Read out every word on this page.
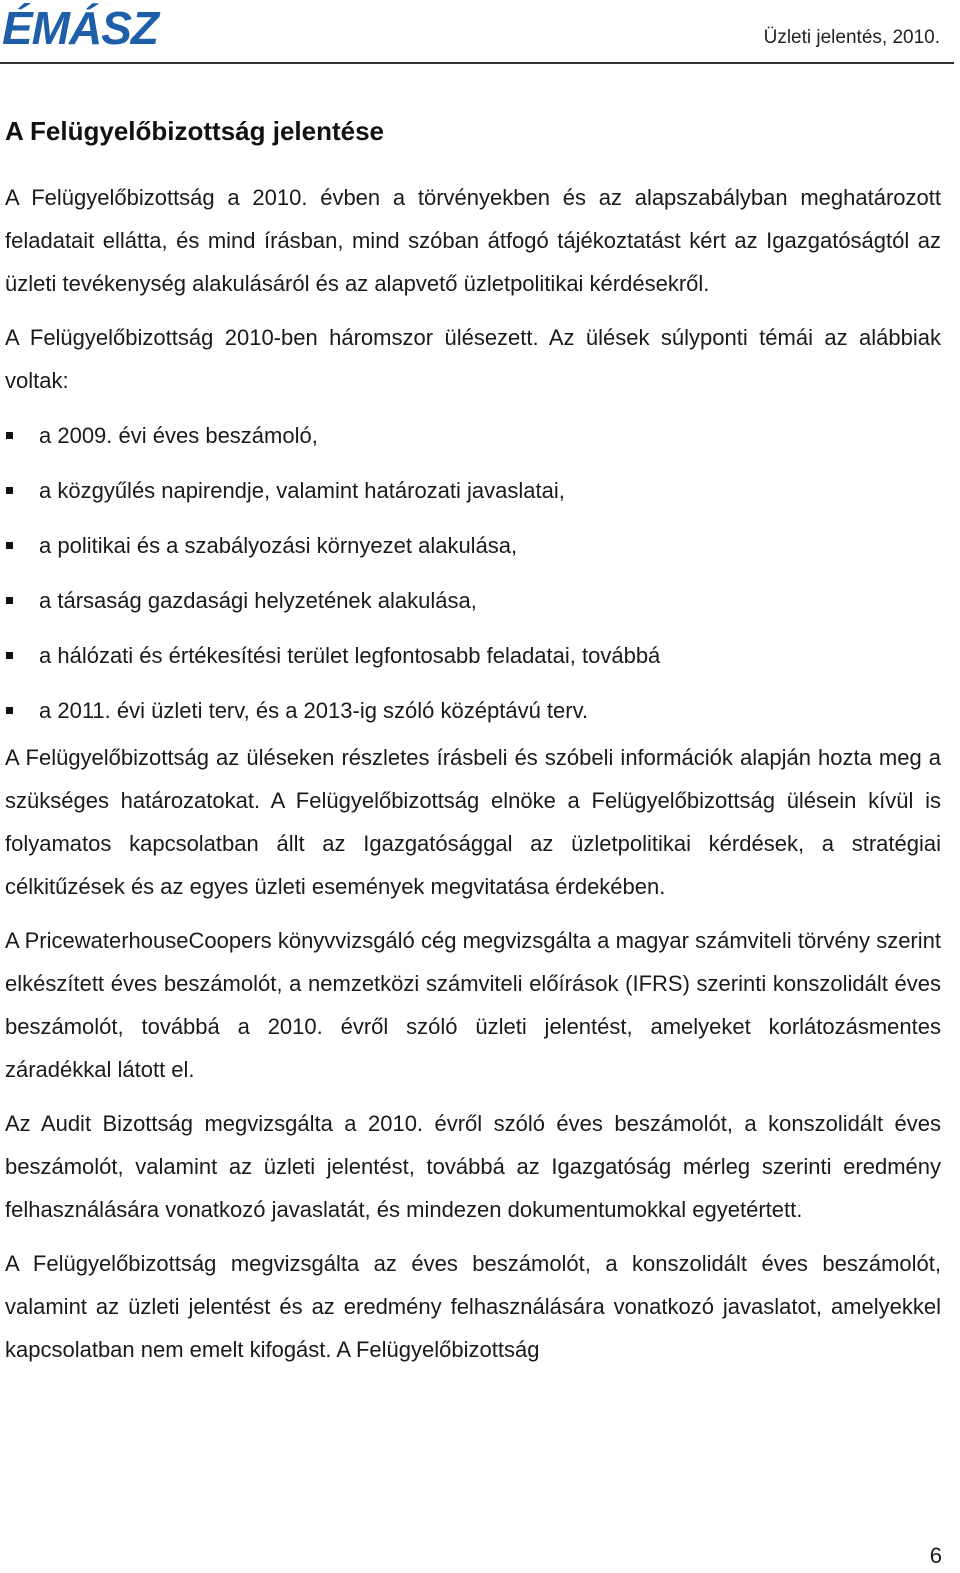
ÉMÁSZ	Üzleti jelentés, 2010.
A Felügyelőbizottság jelentése

A Felügyelőbizottság a 2010. évben a törvényekben és az alapszabályban meghatározott feladatait ellátta, és mind írásban, mind szóban átfogó tájékoztatást kért az Igazgatóságtól az üzleti tevékenység alakulásáról és az alapvető üzletpolitikai kérdésekről.

A Felügyelőbizottság 2010-ben háromszor ülésezett. Az ülések súlyponti témái az alábbiak voltak:

a 2009. évi éves beszámoló,
a közgyűlés napirendje, valamint határozati javaslatai,
a politikai és a szabályozási környezet alakulása,
a társaság gazdasági helyzetének alakulása,
a hálózati és értékesítési terület legfontosabb feladatai, továbbá
a 2011. évi üzleti terv, és a 2013-ig szóló középtávú terv.

A Felügyelőbizottság az üléseken részletes írásbeli és szóbeli információk alapján hozta meg a szükséges határozatokat. A Felügyelőbizottság elnöke a Felügyelőbizottság ülésein kívül is folyamatos kapcsolatban állt az Igazgatósággal az üzletpolitikai kérdések, a stratégiai célkitűzések és az egyes üzleti események megvitatása érdekében.

A PricewaterhouseCoopers könyvvizsgáló cég megvizsgálta a magyar számviteli törvény szerint elkészített éves beszámolót, a nemzetközi számviteli előírások (IFRS) szerinti konszolidált éves beszámolót, továbbá a 2010. évről szóló üzleti jelentést, amelyeket korlátozásmentes záradékkal látott el.

Az Audit Bizottság megvizsgálta a 2010. évről szóló éves beszámolót, a konszolidált éves beszámolót, valamint az üzleti jelentést, továbbá az Igazgatóság mérleg szerinti eredmény felhasználására vonatkozó javaslatát, és mindezen dokumentumokkal egyetértett.

A Felügyelőbizottság megvizsgálta az éves beszámolót, a konszolidált éves beszámolót, valamint az üzleti jelentést és az eredmény felhasználására vonatkozó javaslatot, amelyekkel kapcsolatban nem emelt kifogást. A Felügyelőbizottság

6
